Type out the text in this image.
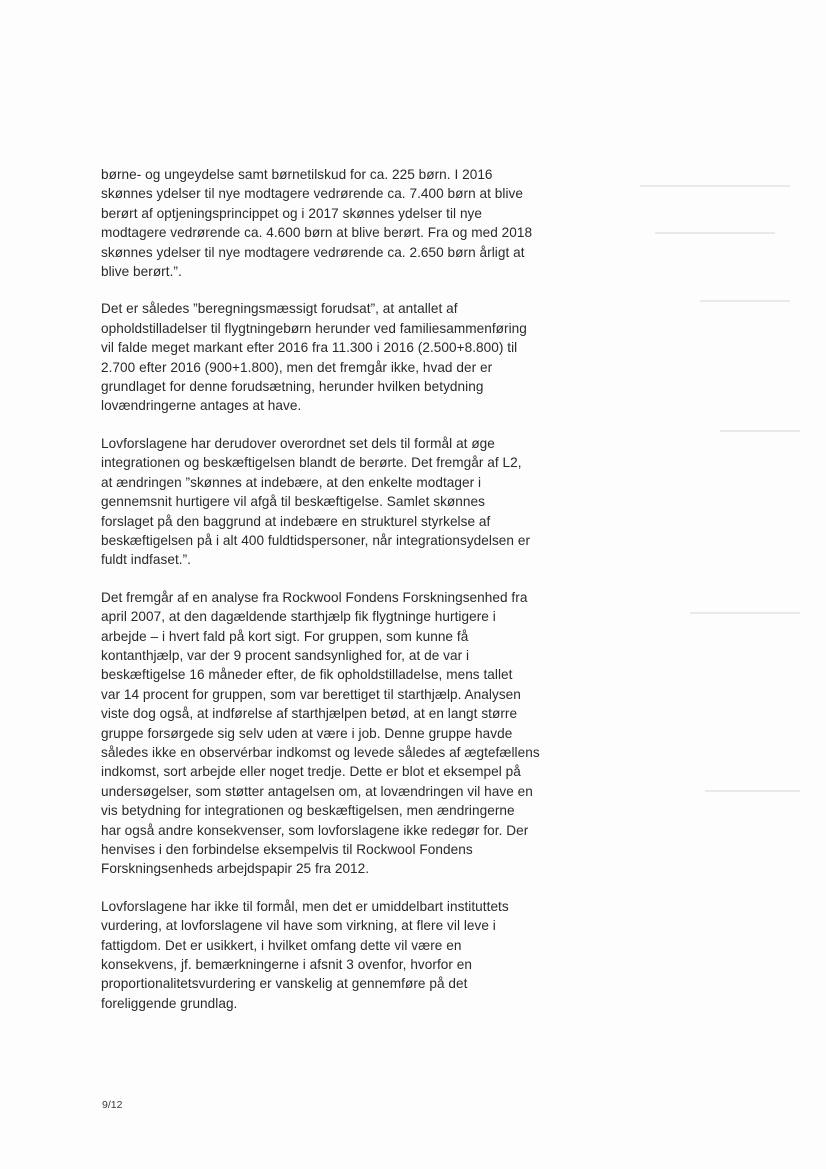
børne- og ungeydelse samt børnetilskud for ca. 225 børn. I 2016
skønnes ydelser til nye modtagere vedrørende ca. 7.400 børn at blive
berørt af optjeningsprincippet og i 2017 skønnes ydelser til nye
modtagere vedrørende ca. 4.600 børn at blive berørt. Fra og med 2018
skønnes ydelser til nye modtagere vedrørende ca. 2.650 børn årligt at
blive berørt.”.

Det er således ”beregningsmæssigt forudsat”, at antallet af
opholdstilladelser til flygtningebørn herunder ved familiesammenføring
vil falde meget markant efter 2016 fra 11.300 i 2016 (2.500+8.800) til
2.700 efter 2016 (900+1.800), men det fremgår ikke, hvad der er
grundlaget for denne forudsætning, herunder hvilken betydning
lovændringerne antages at have.

Lovforslagene har derudover overordnet set dels til formål at øge
integrationen og beskæftigelsen blandt de berørte. Det fremgår af L2,
at ændringen ”skønnes at indebære, at den enkelte modtager i
gennemsnit hurtigere vil afgå til beskæftigelse. Samlet skønnes
forslaget på den baggrund at indebære en strukturel styrkelse af
beskæftigelsen på i alt 400 fuldtidspersoner, når integrationsydelsen er
fuldt indfaset.”.

Det fremgår af en analyse fra Rockwool Fondens Forskningsenhed fra
april 2007, at den dagældende starthjælp fik flygtninge hurtigere i
arbejde – i hvert fald på kort sigt. For gruppen, som kunne få
kontanthjælp, var der 9 procent sandsynlighed for, at de var i
beskæftigelse 16 måneder efter, de fik opholdstilladelse, mens tallet
var 14 procent for gruppen, som var berettiget til starthjælp. Analysen
viste dog også, at indførelse af starthjælpen betød, at en langt større
gruppe forsørgede sig selv uden at være i job. Denne gruppe havde
således ikke en observérbar indkomst og levede således af ægtefællens
indkomst, sort arbejde eller noget tredje. Dette er blot et eksempel på
undersøgelser, som støtter antagelsen om, at lovændringen vil have en
vis betydning for integrationen og beskæftigelsen, men ændringerne
har også andre konsekvenser, som lovforslagene ikke redegør for. Der
henvises i den forbindelse eksempelvis til Rockwool Fondens
Forskningsenheds arbejdspapir 25 fra 2012.

Lovforslagene har ikke til formål, men det er umiddelbart instituttets
vurdering, at lovforslagene vil have som virkning, at flere vil leve i
fattigdom. Det er usikkert, i hvilket omfang dette vil være en
konsekvens, jf. bemærkningerne i afsnit 3 ovenfor, hvorfor en
proportionalitetsvurdering er vanskelig at gennemføre på det
foreliggende grundlag.

9/12
